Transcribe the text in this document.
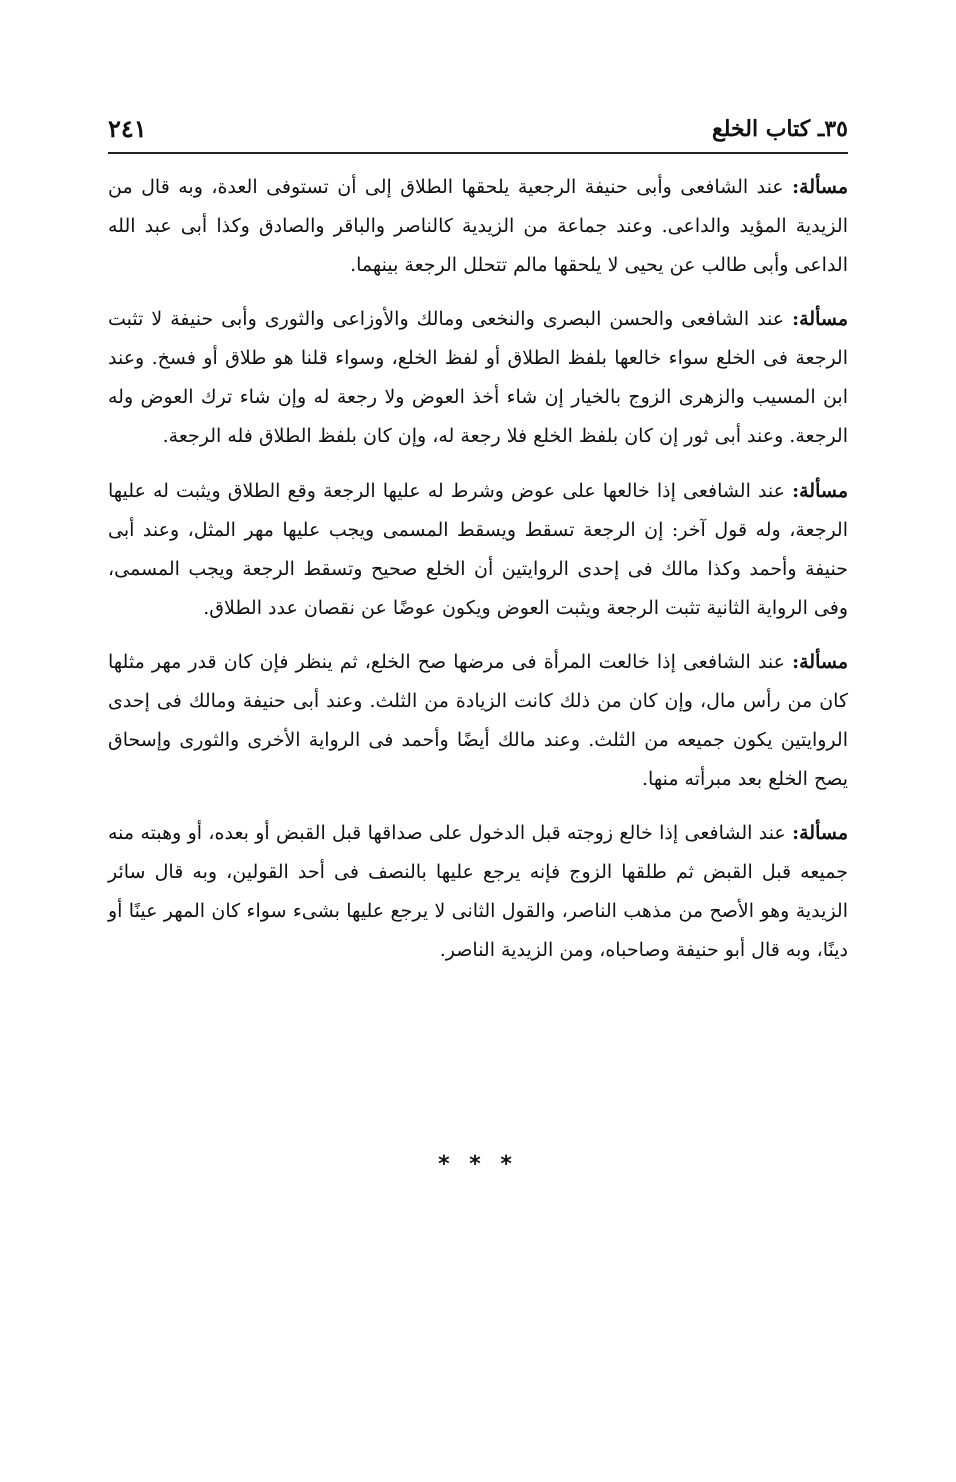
٣٥ـ كتاب الخلع
٢٤١

مسألة: عند الشافعى وأبى حنيفة الرجعية يلحقها الطلاق إلى أن تستوفى العدة، وبه قال من الزيدية المؤيد والداعى. وعند جماعة من الزيدية كالناصر والباقر والصادق وكذا أبى عبد الله الداعى وأبى طالب عن يحيى لا يلحقها مالم تتحلل الرجعة بينهما.

مسألة: عند الشافعى والحسن البصرى والنخعى ومالك والأوزاعى والثورى وأبى حنيفة لا تثبت الرجعة فى الخلع سواء خالعها بلفظ الطلاق أو لفظ الخلع، وسواء قلنا هو طلاق أو فسخ. وعند ابن المسيب والزهرى الزوج بالخيار إن شاء أخذ العوض ولا رجعة له وإن شاء ترك العوض وله الرجعة. وعند أبى ثور إن كان بلفظ الخلع فلا رجعة له، وإن كان بلفظ الطلاق فله الرجعة.

مسألة: عند الشافعى إذا خالعها على عوض وشرط له عليها الرجعة وقع الطلاق ويثبت له عليها الرجعة، وله قول آخر: إن الرجعة تسقط ويسقط المسمى ويجب عليها مهر المثل، وعند أبى حنيفة وأحمد وكذا مالك فى إحدى الروايتين أن الخلع صحيح وتسقط الرجعة ويجب المسمى، وفى الرواية الثانية تثبت الرجعة ويثبت العوض ويكون عوضًا عن نقصان عدد الطلاق.

مسألة: عند الشافعى إذا خالعت المرأة فى مرضها صح الخلع، ثم ينظر فإن كان قدر مهر مثلها كان من رأس مال، وإن كان من ذلك كانت الزيادة من الثلث. وعند أبى حنيفة ومالك فى إحدى الروايتين يكون جميعه من الثلث. وعند مالك أيضًا وأحمد فى الرواية الأخرى والثورى وإسحاق يصح الخلع بعد مبرأته منها.

مسألة: عند الشافعى إذا خالع زوجته قبل الدخول على صداقها قبل القبض أو بعده، أو وهبته منه جميعه قبل القبض ثم طلقها الزوج فإنه يرجع عليها بالنصف فى أحد القولين، وبه قال سائر الزيدية وهو الأصح من مذهب الناصر، والقول الثانى لا يرجع عليها بشىء سواء كان المهر عينًا أو دينًا، وبه قال أبو حنيفة وصاحباه، ومن الزيدية الناصر.

* * *
